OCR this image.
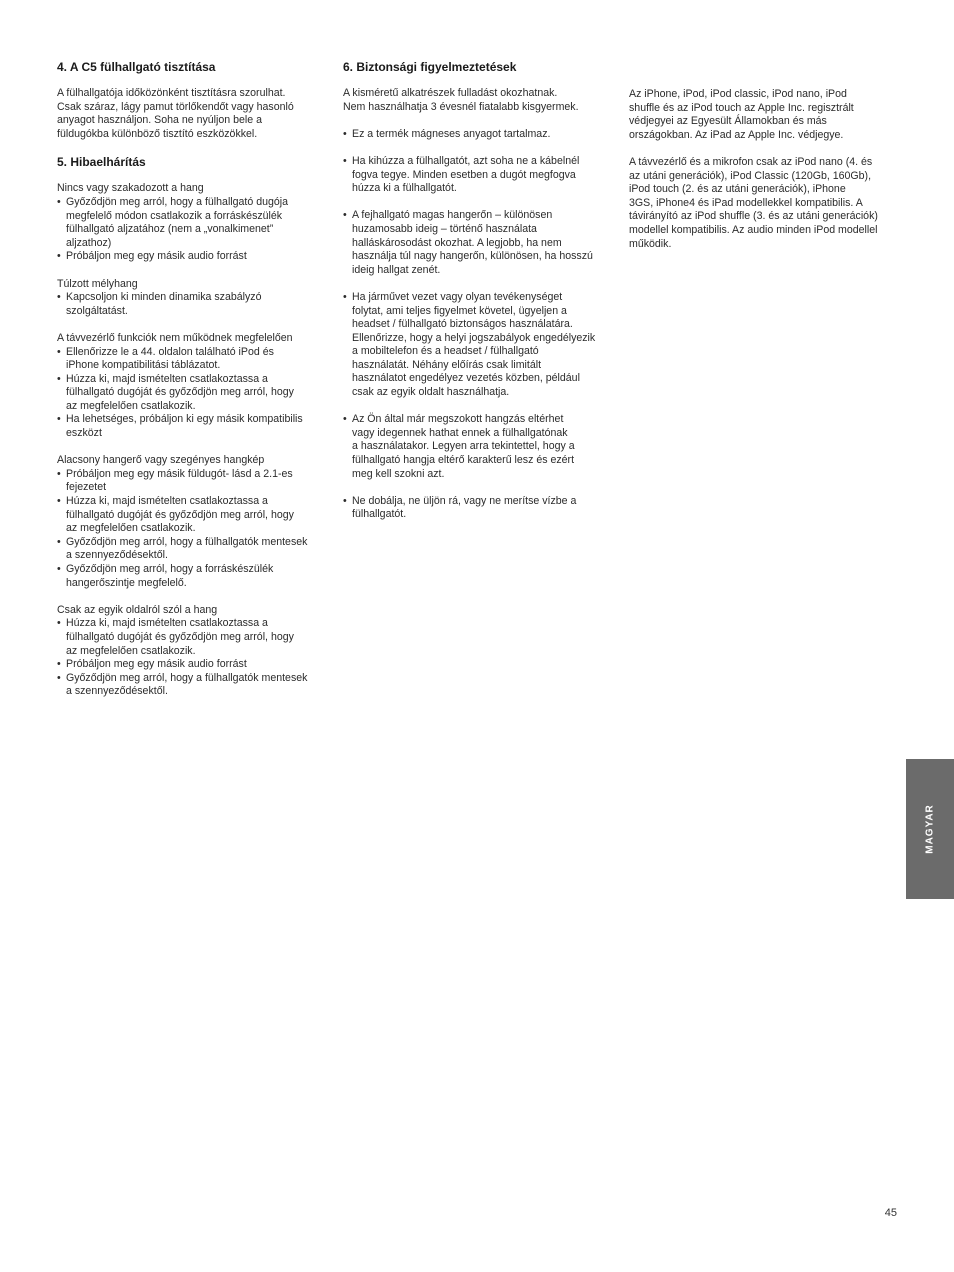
4. A C5 fülhallgató tisztítása

A fülhallgatója időközönként tisztításra szorulhat.
Csak száraz, lágy pamut törlőkendőt vagy hasonló
anyagot használjon. Soha ne nyúljon bele a
füldugókba különböző tisztító eszközökkel.

5. Hibaelhárítás
Nincs vagy szakadozott a hang
• Győződjön meg arról, hogy a fülhallgató dugója
megfelelő módon csatlakozik a forráskészülék
fülhallgató aljzatához (nem a „vonalkimenet”
aljzathoz)
• Próbáljon meg egy másik audio forrást
Túlzott mélyhang
• Kapcsoljon ki minden dinamika szabályzó
szolgáltatást.
A távvezérlő funkciók nem működnek megfelelően
• Ellenőrizze le a 44. oldalon található iPod és
iPhone kompatibilitási táblázatot.
• Húzza ki, majd ismételten csatlakoztassa a
fülhallgató dugóját és győződjön meg arról, hogy
az megfelelően csatlakozik.
• Ha lehetséges, próbáljon ki egy másik kompatibilis
eszközt
Alacsony hangerő vagy szegényes hangkép
• Próbáljon meg egy másik füldugót- lásd a 2.1-es
fejezetet
• Húzza ki, majd ismételten csatlakoztassa a
fülhallgató dugóját és győződjön meg arról, hogy
az megfelelően csatlakozik.
• Győződjön meg arról, hogy a fülhallgatók mentesek
a szennyeződésektől.
• Győződjön meg arról, hogy a forráskészülék
hangerőszintje megfelelő.
Csak az egyik oldalról szól a hang
• Húzza ki, majd ismételten csatlakoztassa a
fülhallgató dugóját és győződjön meg arról, hogy
az megfelelően csatlakozik.
• Próbáljon meg egy másik audio forrást
• Győződjön meg arról, hogy a fülhallgatók mentesek
a szennyeződésektől.
6. Biztonsági figyelmeztetések

A kisméretű alkatrészek fulladást okozhatnak.
Nem használhatja 3 évesnél fiatalabb kisgyermek.

• Ez a termék mágneses anyagot tartalmaz.
• Ha kihúzza a fülhallgatót, azt soha ne a kábelnél
fogva tegye. Minden esetben a dugót megfogva
húzza ki a fülhallgatót.
• A fejhallgató magas hangerőn – különösen
huzamosabb ideig – történő használata
halláskárosodást okozhat. A legjobb, ha nem
használja túl nagy hangerőn, különösen, ha hosszú
ideig hallgat zenét.
• Ha járművet vezet vagy olyan tevékenységet
folytat, ami teljes figyelmet követel, ügyeljen a
headset / fülhallgató biztonságos használatára.
Ellenőrizze, hogy a helyi jogszabályok engedélyezik
a mobiltelefon és a headset / fülhallgató
használatát. Néhány előírás csak limitált
használatot engedélyez vezetés közben, például
csak az egyik oldalt használhatja.
• Az Ön által már megszokott hangzás eltérhet
vagy idegennek hathat ennek a fülhallgatónak
a használatakor. Legyen arra tekintettel, hogy a
fülhallgató hangja eltérő karakterű lesz és ezért
meg kell szokni azt.
• Ne dobálja, ne üljön rá, vagy ne merítse vízbe a
fülhallgatót.

Az iPhone, iPod, iPod classic, iPod nano, iPod
shuffle és az iPod touch az Apple Inc. regisztrált
védjegyei az Egyesült Államokban és más
országokban. Az iPad az Apple Inc. védjegye.

A távvezérlő és a mikrofon csak az iPod nano (4. és
az utáni generációk), iPod Classic (120Gb, 160Gb),
iPod touch (2. és az utáni generációk), iPhone
3GS, iPhone4 és iPad modellekkel kompatibilis. A
távirányító az iPod shuffle (3. és az utáni generációk)
modellel kompatibilis. Az audio minden iPod modellel
működik.

MAGYAR
45
